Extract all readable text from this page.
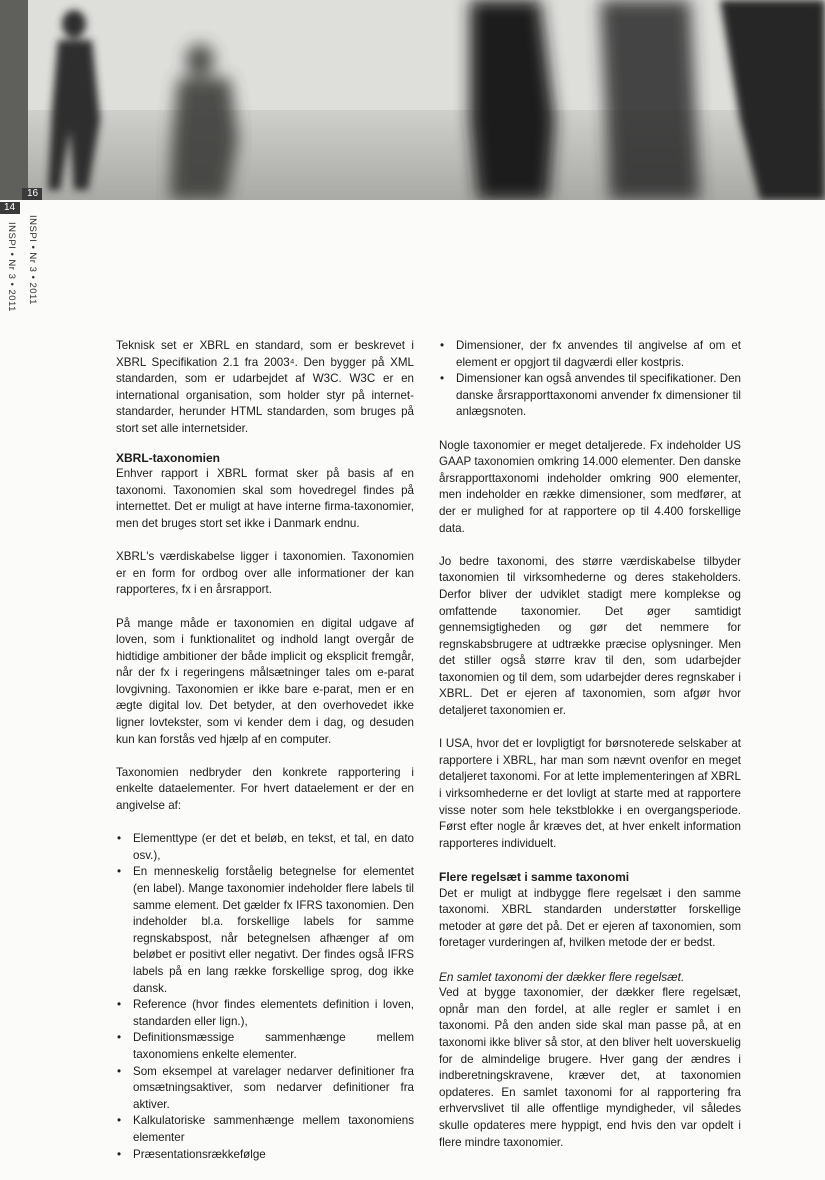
16
14
INSPI • Nr 3 • 2011
INSPI • Nr 3 • 2011

Teknisk set er XBRL en standard, som er beskrevet i XBRL Specifikation 2.1 fra 2003⁴. Den bygger på XML standarden, som er udarbejdet af W3C. W3C er en international organisation, som holder styr på internet-standarder, herunder HTML standarden, som bruges på stort set alle internetsider.

XBRL-taxonomien

Enhver rapport i XBRL format sker på basis af en taxonomi. Taxonomien skal som hovedregel findes på internettet. Det er muligt at have interne firma-taxonomier, men det bruges stort set ikke i Danmark endnu.

XBRL's værdiskabelse ligger i taxonomien. Taxonomien er en form for ordbog over alle informationer der kan rapporteres, fx i en årsrapport.

På mange måde er taxonomien en digital udgave af loven, som i funktionalitet og indhold langt overgår de hidtidige ambitioner der både implicit og eksplicit fremgår, når der fx i regeringens målsætninger tales om e-parat lovgivning. Taxonomien er ikke bare e-parat, men er en ægte digital lov. Det betyder, at den overhovedet ikke ligner lovtekster, som vi kender dem i dag, og desuden kun kan forstås ved hjælp af en computer.

Taxonomien nedbryder den konkrete rapportering i enkelte dataelementer. For hvert dataelement er der en angivelse af:

• Elementtype (er det et beløb, en tekst, et tal, en dato osv.),
• En menneskelig forståelig betegnelse for elementet (en label). Mange taxonomier indeholder flere labels til samme element. Det gælder fx IFRS taxonomien. Den indeholder bl.a. forskellige labels for samme regnskabspost, når betegnelsen afhænger af om beløbet er positivt eller negativt. Der findes også IFRS labels på en lang række forskellige sprog, dog ikke dansk.
• Reference (hvor findes elementets definition i loven, standarden eller lign.),
• Definitionsmæssige sammenhænge mellem taxonomiens enkelte elementer.
• Som eksempel at varelager nedarver definitioner fra omsætningsaktiver, som nedarver definitioner fra aktiver.
• Kalkulatoriske sammenhænge mellem taxonomiens elementer
• Præsentationsrækkefølge
• Dimensioner, der fx anvendes til angivelse af om et element er opgjort til dagværdi eller kostpris.
• Dimensioner kan også anvendes til specifikationer. Den danske årsrapporttaxonomi anvender fx dimensioner til anlægsnoten.

Nogle taxonomier er meget detaljerede. Fx indeholder US GAAP taxonomien omkring 14.000 elementer. Den danske årsrapporttaxonomi indeholder omkring 900 elementer, men indeholder en række dimensioner, som medfører, at der er mulighed for at rapportere op til 4.400 forskellige data.

Jo bedre taxonomi, des større værdiskabelse tilbyder taxonomien til virksomhederne og deres stakeholders. Derfor bliver der udviklet stadigt mere komplekse og omfattende taxonomier. Det øger samtidigt gennemsigtigheden og gør det nemmere for regnskabsbrugere at udtrække præcise oplysninger. Men det stiller også større krav til den, som udarbejder taxonomien og til dem, som udarbejder deres regnskaber i XBRL. Det er ejeren af taxonomien, som afgør hvor detaljeret taxonomien er.

I USA, hvor det er lovpligtigt for børsnoterede selskaber at rapportere i XBRL, har man som nævnt ovenfor en meget detaljeret taxonomi. For at lette implementeringen af XBRL i virksomhederne er det lovligt at starte med at rapportere visse noter som hele tekstblokke i en overgangsperiode. Først efter nogle år kræves det, at hver enkelt information rapporteres individuelt.

Flere regelsæt i samme taxonomi

Det er muligt at indbygge flere regelsæt i den samme taxonomi. XBRL standarden understøtter forskellige metoder at gøre det på. Det er ejeren af taxonomien, som foretager vurderingen af, hvilken metode der er bedst.

En samlet taxonomi der dækker flere regelsæt.

Ved at bygge taxonomier, der dækker flere regelsæt, opnår man den fordel, at alle regler er samlet i en taxonomi. På den anden side skal man passe på, at en taxonomi ikke bliver så stor, at den bliver helt uoverskuelig for de almindelige brugere. Hver gang der ændres i indberetningskravene, kræver det, at taxonomien opdateres. En samlet taxonomi for al rapportering fra erhvervslivet til alle offentlige myndigheder, vil således skulle opdateres mere hyppigt, end hvis den var opdelt i flere mindre taxonomier.
